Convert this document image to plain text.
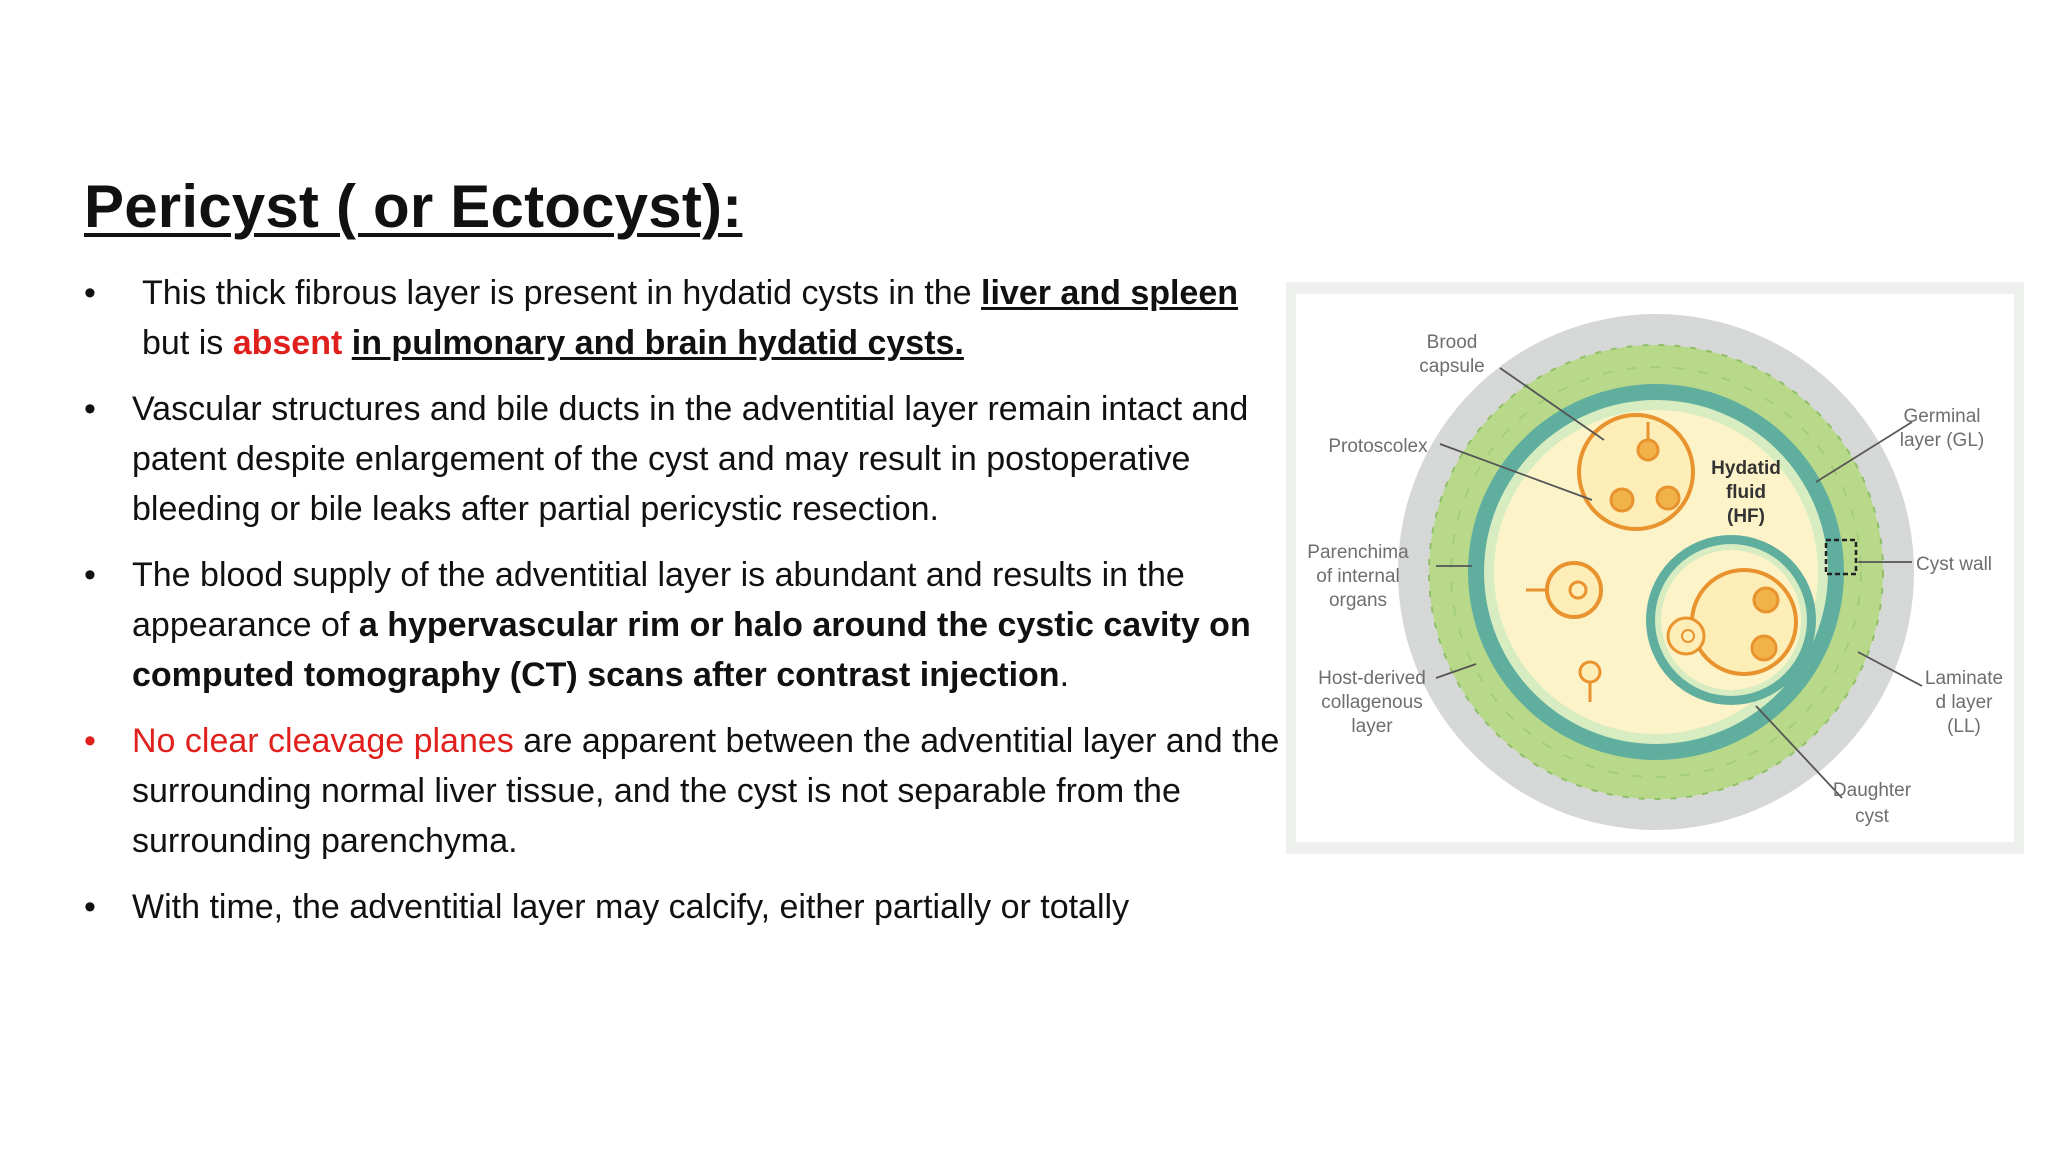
Pericyst ( or Ectocyst):
•	This thick fibrous layer is present in hydatid cysts in the liver and spleen but is absent in pulmonary and brain hydatid cysts.
•	Vascular structures and bile ducts in the adventitial layer remain intact and patent despite enlargement of the cyst and may result in postoperative bleeding or bile leaks after partial pericystic resection.
•	The blood supply of the adventitial layer is abundant and results in the appearance of a hypervascular rim or halo around the cystic cavity on computed tomography (CT) scans after contrast injection.
•	No clear cleavage planes are apparent between the adventitial layer and the surrounding normal liver tissue, and the cyst is not separable from the surrounding parenchyma.
•	With time, the adventitial layer may calcify, either partially or totally
Brood
capsule
Protoscolex
Parenchima
of internal
organs
Host-derived
collagenous
layer
Germinal
layer (GL)
Cyst wall
Laminate
d layer
(LL)
Daughter
cyst
Hydatid
fluid
(HF)
